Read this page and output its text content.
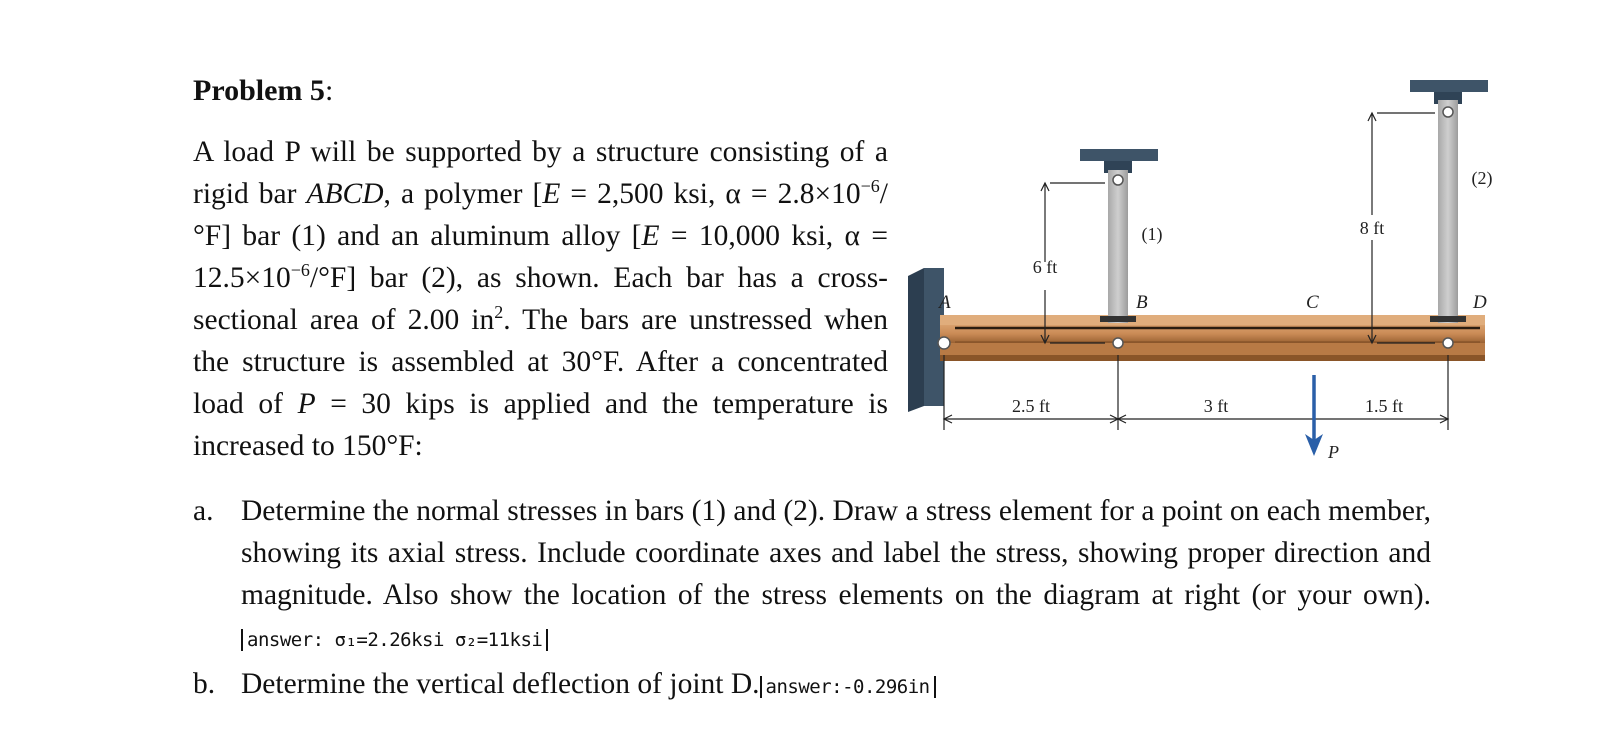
Problem 5:
A load P will be supported by a structure consisting of a rigid bar ABCD, a polymer [E = 2,500 ksi, $\alpha = 2.8\times 10^{-6}/^\circ F$] bar (1) and an aluminum alloy [E = 10,000 ksi, $\alpha = 12.5\times 10^{-6}/^\circ F$] bar (2), as shown. Each bar has a cross-sectional area of 2.00 $in^2$. The bars are unstressed when the structure is assembled at 30°F. After a concentrated load of P = 30 kips is applied and the temperature is increased to 150°F:
6 ft
8 ft
(1)
(2)
A	B	C	D
2.5 ft	3 ft	1.5 ft
P
a. Determine the normal stresses in bars (1) and (2). Draw a stress element for a point on each member, showing its axial stress. Include coordinate axes and label the stress, showing proper direction and magnitude. Also show the location of the stress elements on the diagram at right (or your own). answer: σ₁=2.26ksi σ₂=11ksi
b. Determine the vertical deflection of joint D. answer:-0.296in
